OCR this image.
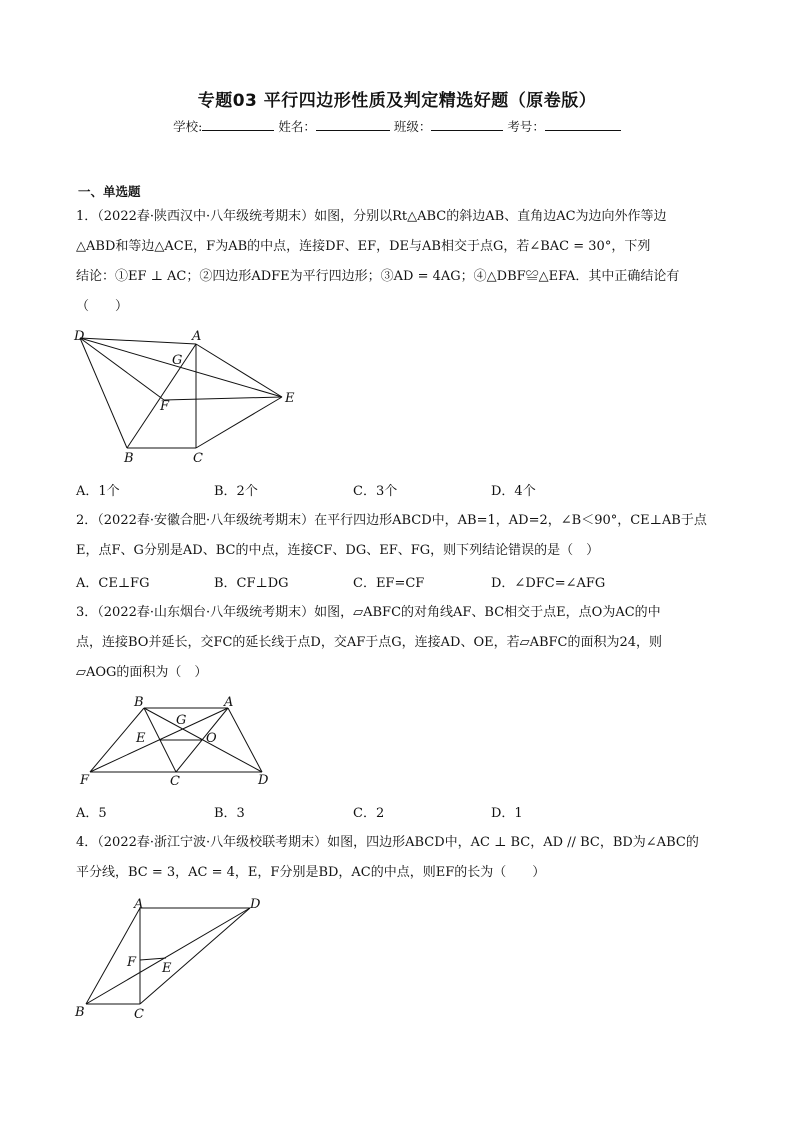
专题03 平行四边形性质及判定精选好题（原卷版）
学校:	姓名：	班级：	考号：
一、单选题
1．（2022春·陕西汉中·八年级统考期末）如图，分别以Rt△ABC的斜边AB、直角边AC为边向外作等边
△ABD和等边△ACE，F为AB的中点，连接DF、EF，DE与AB相交于点G，若∠BAC = 30°，下列
结论：①EF ⊥ AC；②四边形ADFE为平行四边形；③AD = 4AG；④△DBF≌△EFA．其中正确结论有
（　　）
D	A
G
F
E
B	C
A．1个	B．2个	C．3个	D．4个
2．（2022春·安徽合肥·八年级统考期末）在平行四边形ABCD中，AB=1，AD=2，∠B＜90°，CE⊥AB于点
E，点F、G分别是AD、BC的中点，连接CF、DG、EF、FG，则下列结论错误的是（　）
A．CE⊥FG	B．CF⊥DG	C．EF=CF	D．∠DFC=∠AFG
3．（2022春·山东烟台·八年级统考期末）如图，▱ABFC的对角线AF、BC相交于点E，点O为AC的中
点，连接BO并延长，交FC的延长线于点D，交AF于点G，连接AD、OE，若▱ABFC的面积为24，则
▱AOG的面积为（　）
B	A
G
E	O
F	C	D
A．5	B．3	C．2	D．1
4．（2022春·浙江宁波·八年级校联考期末）如图，四边形ABCD中，AC ⊥ BC，AD // BC，BD为∠ABC的
平分线，BC = 3，AC = 4，E，F分别是BD，AC的中点，则EF的长为（　　）
A	D
F E
B	C
